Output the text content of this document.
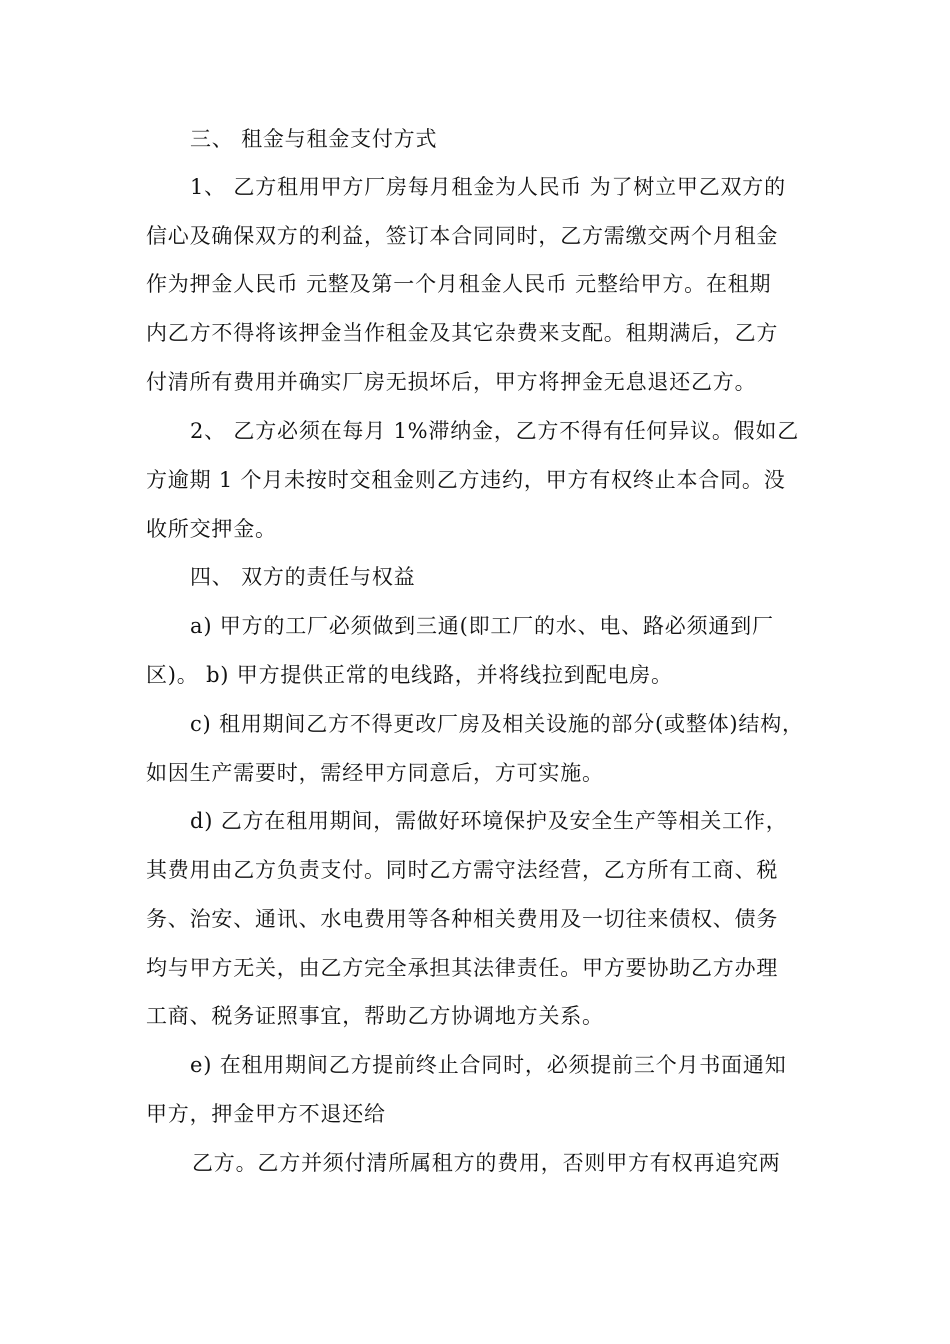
三、 租金与租金支付方式
1、 乙方租用甲方厂房每月租金为人民币 为了树立甲乙双方的
信心及确保双方的利益，签订本合同同时，乙方需缴交两个月租金
作为押金人民币 元整及第一个月租金人民币 元整给甲方。在租期
内乙方不得将该押金当作租金及其它杂费来支配。租期满后，乙方
付清所有费用并确实厂房无损坏后，甲方将押金无息退还乙方。
2、 乙方必须在每月 1%滞纳金，乙方不得有任何异议。假如乙
方逾期 1 个月未按时交租金则乙方违约，甲方有权终止本合同。没
收所交押金。
四、 双方的责任与权益
a) 甲方的工厂必须做到三通(即工厂的水、电、路必须通到厂
区)。 b) 甲方提供正常的电线路，并将线拉到配电房。
c) 租用期间乙方不得更改厂房及相关设施的部分(或整体)结构，
如因生产需要时，需经甲方同意后，方可实施。
d) 乙方在租用期间，需做好环境保护及安全生产等相关工作，
其费用由乙方负责支付。同时乙方需守法经营，乙方所有工商、税
务、治安、通讯、水电费用等各种相关费用及一切往来债权、债务
均与甲方无关，由乙方完全承担其法律责任。甲方要协助乙方办理
工商、税务证照事宜，帮助乙方协调地方关系。
e) 在租用期间乙方提前终止合同时，必须提前三个月书面通知
甲方，押金甲方不退还给
乙方。乙方并须付清所属租方的费用，否则甲方有权再追究两
